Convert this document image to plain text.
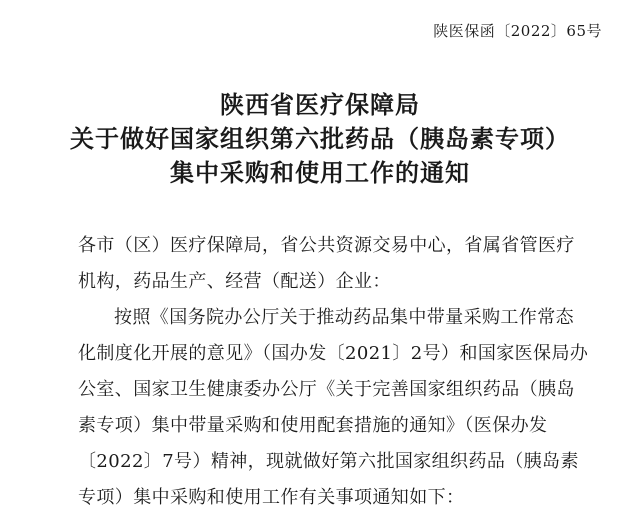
陕医保函〔2022〕65号
陕西省医疗保障局
关于做好国家组织第六批药品（胰岛素专项）
集中采购和使用工作的通知
各市（区）医疗保障局，省公共资源交易中心，省属省管医疗
机构，药品生产、经营（配送）企业：
按照《国务院办公厅关于推动药品集中带量采购工作常态
化制度化开展的意见》（国办发〔2021〕2号）和国家医保局办
公室、国家卫生健康委办公厅《关于完善国家组织药品（胰岛
素专项）集中带量采购和使用配套措施的通知》（医保办发
〔2022〕7号）精神，现就做好第六批国家组织药品（胰岛素
专项）集中采购和使用工作有关事项通知如下：
